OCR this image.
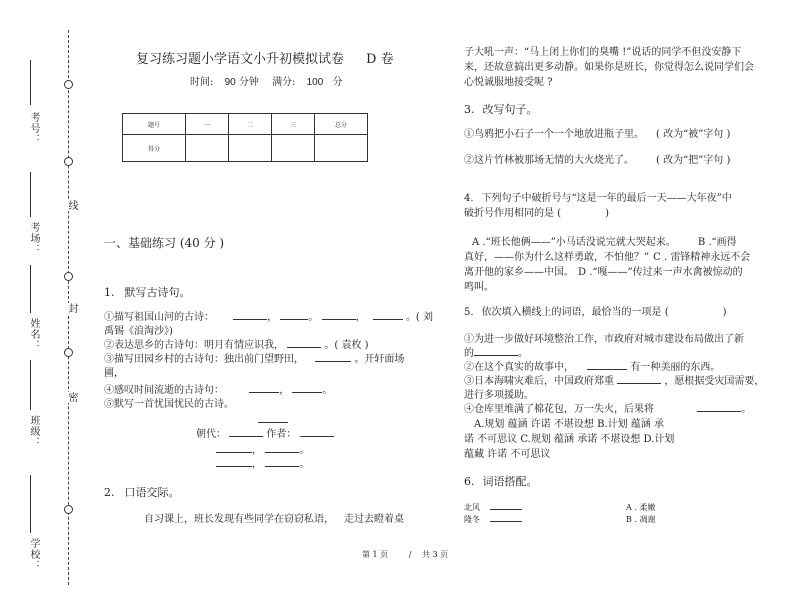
考号：
考场：
姓名：
班级：
学校：
线
封
密
复习练习题小学语文小升初模拟试卷 D 卷
时间: 90 分钟 满分: 100 分
题号	一	二	三	总分
得分				
一、基础练习 (40 分 )
1. 默写古诗句。
①描写祖国山河的古诗：	，	。	，	。( 刘
禹锡《浪淘沙》)
②表达思乡的古诗句：明月有情应识我，	。( 袁枚 )
③描写田园乡村的古诗句：独出前门望野田，	。开轩面场
圃，
④感叹时间流逝的古诗句：	，	。
⑤默写一首忧国忧民的古诗。
朝代：	作者：
，	。
，	。
2. 口语交际。
自习课上，班长发现有些同学在窃窃私语， 走过去瞪着桌
子大吼一声：“马上闭上你们的臭嘴 !”说话的同学不但没安静下
来，还故意搞出更多动静。如果你是班长，你觉得怎么说同学们会
心悦诚服地接受呢 ?
3. 改写句子。
①鸟鸦把小石子一个一个地放进瓶子里。 ( 改为“被”字句 )
②这片竹林被那场无情的大火烧光了。 ( 改为“把”字句 )
4. 下列句子中破折号与“这是一年的最后一天——大年夜”中
破折号作用相同的是 (	)
A .“班长他俩——”小马话没说完就大哭起来。 B .“画得
真好，——你为什么这样勇敢，不怕他？” C . 雷锋精神永远不会
离开他的家乡——中国。 D .“嘎——”传过来一声水禽被惊动的
鸣叫。
5. 依次填入横线上的词语，最恰当的一项是 (	)
①为进一步做好环境整治工作，市政府对城市建设布局做出了新
的	。
②在这个真实的故事中，	有一种美丽的东西。
③日本海啸灾难后，中国政府郑重	，愿根据受灾国需要，
进行多项援助。
④仓库里堆满了棉花包，万一失火，后果将	。
A.规划 蕴涵 许诺 不堪设想 B.计划 蕴涵 承
诺 不可思议 C.规划 蕴涵 承诺 不堪设想 D.计划
蕴藏 许诺 不可思议
6. 词语搭配。
北风
隆冬
A . 柔嫩
B . 凋谢
第 1 页	/ 共 3 页
